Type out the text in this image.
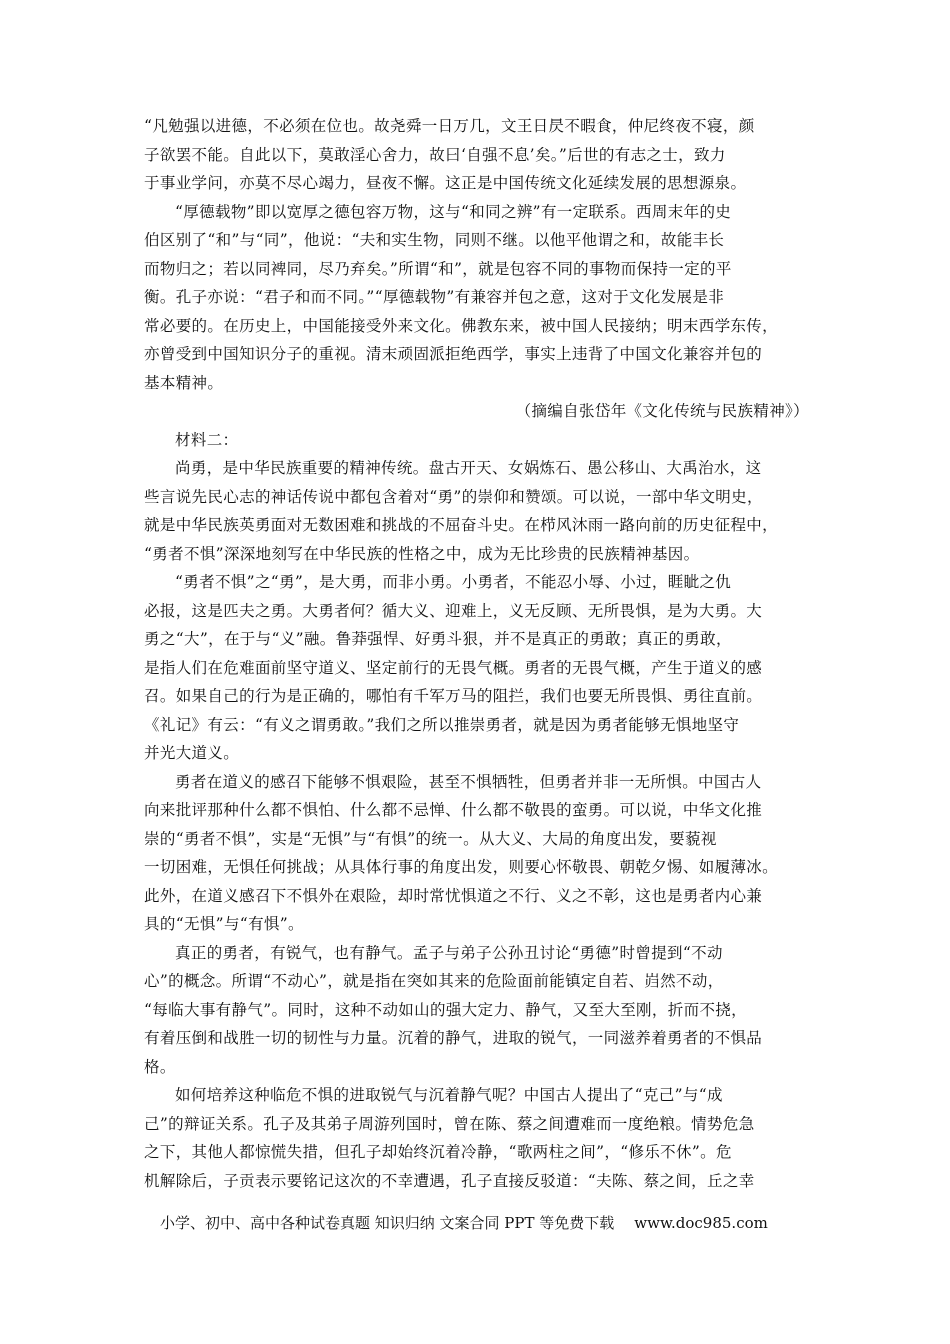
“凡勉强以进德，不必须在位也。故尧舜一日万几，文王日昃不暇食，仲尼终夜不寝，颜
子欲罢不能。自此以下，莫敢淫心舍力，故曰‘自强不息’矣。”后世的有志之士，致力
于事业学问，亦莫不尽心竭力，昼夜不懈。这正是中国传统文化延续发展的思想源泉。
“厚德载物”即以宽厚之德包容万物，这与“和同之辨”有一定联系。西周末年的史
伯区别了“和”与“同”，他说：“夫和实生物，同则不继。以他平他谓之和，故能丰长
而物归之；若以同裨同，尽乃弃矣。”所谓“和”，就是包容不同的事物而保持一定的平
衡。孔子亦说：“君子和而不同。”“厚德载物”有兼容并包之意，这对于文化发展是非
常必要的。在历史上，中国能接受外来文化。佛教东来，被中国人民接纳；明末西学东传，
亦曾受到中国知识分子的重视。清末顽固派拒绝西学，事实上违背了中国文化兼容并包的
基本精神。
（摘编自张岱年《文化传统与民族精神》）
材料二：
尚勇，是中华民族重要的精神传统。盘古开天、女娲炼石、愚公移山、大禹治水，这
些言说先民心志的神话传说中都包含着对“勇”的崇仰和赞颂。可以说，一部中华文明史，
就是中华民族英勇面对无数困难和挑战的不屈奋斗史。在栉风沐雨一路向前的历史征程中，
“勇者不惧”深深地刻写在中华民族的性格之中，成为无比珍贵的民族精神基因。
“勇者不惧”之“勇”，是大勇，而非小勇。小勇者，不能忍小辱、小过，睚眦之仇
必报，这是匹夫之勇。大勇者何？循大义、迎难上，义无反顾、无所畏惧，是为大勇。大
勇之“大”，在于与“义”融。鲁莽强悍、好勇斗狠，并不是真正的勇敢；真正的勇敢，
是指人们在危难面前坚守道义、坚定前行的无畏气概。勇者的无畏气概，产生于道义的感
召。如果自己的行为是正确的，哪怕有千军万马的阻拦，我们也要无所畏惧、勇往直前。
《礼记》有云：“有义之谓勇敢。”我们之所以推崇勇者，就是因为勇者能够无惧地坚守
并光大道义。
勇者在道义的感召下能够不惧艰险，甚至不惧牺牲，但勇者并非一无所惧。中国古人
向来批评那种什么都不惧怕、什么都不忌惮、什么都不敬畏的蛮勇。可以说，中华文化推
崇的“勇者不惧”，实是“无惧”与“有惧”的统一。从大义、大局的角度出发，要藐视
一切困难，无惧任何挑战；从具体行事的角度出发，则要心怀敬畏、朝乾夕惕、如履薄冰。
此外，在道义感召下不惧外在艰险，却时常忧惧道之不行、义之不彰，这也是勇者内心兼
具的“无惧”与“有惧”。
真正的勇者，有锐气，也有静气。孟子与弟子公孙丑讨论“勇德”时曾提到“不动
心”的概念。所谓“不动心”，就是指在突如其来的危险面前能镇定自若、岿然不动，
“每临大事有静气”。同时，这种不动如山的强大定力、静气，又至大至刚，折而不挠，
有着压倒和战胜一切的韧性与力量。沉着的静气，进取的锐气，一同滋养着勇者的不惧品
格。
如何培养这种临危不惧的进取锐气与沉着静气呢？中国古人提出了“克己”与“成
己”的辩证关系。孔子及其弟子周游列国时，曾在陈、蔡之间遭难而一度绝粮。情势危急
之下，其他人都惊慌失措，但孔子却始终沉着冷静，“歌两柱之间”，“修乐不休”。危
机解除后，子贡表示要铭记这次的不幸遭遇，孔子直接反驳道：“夫陈、蔡之间，丘之幸
小学、初中、高中各种试卷真题 知识归纳 文案合同 PPT 等免费下载 www.doc985.com
